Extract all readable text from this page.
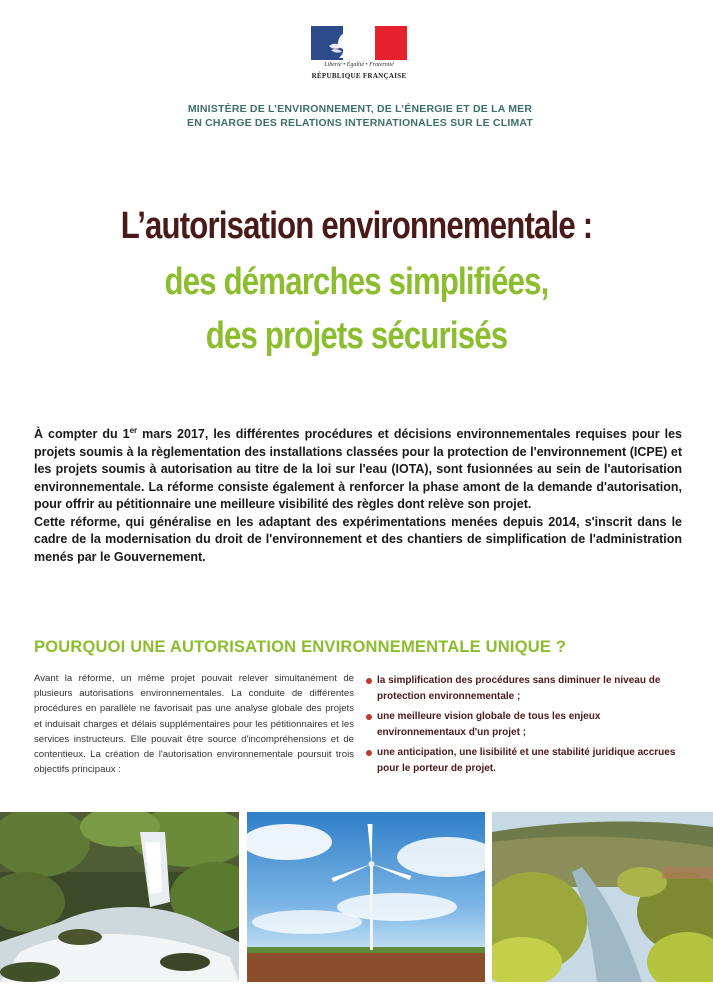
Liberté • Égalité • Fraternité
RÉPUBLIQUE FRANÇAISE
MINISTÈRE DE L’ENVIRONNEMENT, DE L’ÉNERGIE ET DE LA MER
EN CHARGE DES RELATIONS INTERNATIONALES SUR LE CLIMAT
L’autorisation environnementale :
des démarches simplifiées,
des projets sécurisés

À compter du 1er mars 2017, les différentes procédures et décisions environnementales requises pour les projets soumis à la règlementation des installations classées pour la protection de l'environnement (ICPE) et les projets soumis à autorisation au titre de la loi sur l'eau (IOTA), sont fusionnées au sein de l'autorisation environnementale. La réforme consiste également à renforcer la phase amont de la demande d'autorisation, pour offrir au pétitionnaire une meilleure visibilité des règles dont relève son projet.

Cette réforme, qui généralise en les adaptant des expérimentations menées depuis 2014, s'inscrit dans le cadre de la modernisation du droit de l'environnement et des chantiers de simplification de l'administration menés par le Gouvernement.

POURQUOI UNE AUTORISATION ENVIRONNEMENTALE UNIQUE ?
Avant la réforme, un même projet pouvait relever simultanément de plusieurs autorisations environnementales. La conduite de différentes procédures en parallèle ne favorisait pas une analyse globale des projets et induisait charges et délais supplémentaires pour les pétitionnaires et les services instructeurs. Elle pouvait être source d'incompréhensions et de contentieux. La création de l'autorisation environnementale poursuit trois objectifs principaux :
la simplification des procédures sans diminuer le niveau de protection environnementale ;
une meilleure vision globale de tous les enjeux environnementaux d'un projet ;
une anticipation, une lisibilité et une stabilité juridique accrues pour le porteur de projet.
